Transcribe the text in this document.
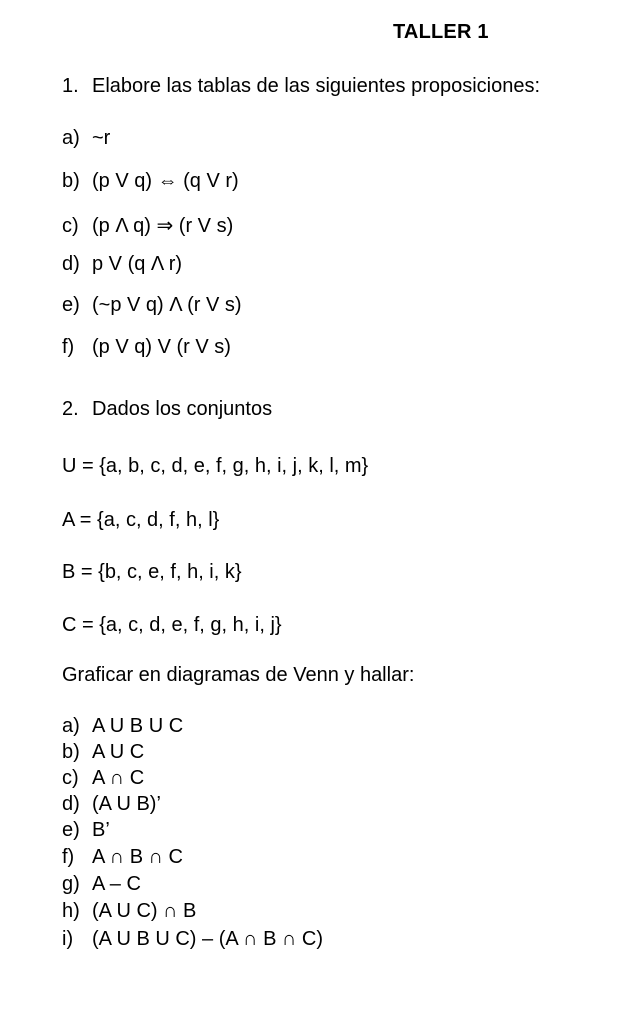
TALLER 1
1. Elabore las tablas de las siguientes proposiciones:
a) ~r
b) (p V q) ⇔ (q V r)
c) (p Λ q) ⇒ (r V s)
d) p V (q Λ r)
e) (~p V q) Λ (r V s)
f) (p V q) V (r V s)
2. Dados los conjuntos
U = {a, b, c, d, e, f, g, h, i, j, k, l, m}
A = {a, c, d, f, h, l}
B = {b, c, e, f, h, i, k}
C = {a, c, d, e, f, g, h, i, j}
Graficar en diagramas de Venn y hallar:
a) A U B U C
b) A U C
c) A ∩ C
d) (A U B)’
e) B’
f) A ∩ B ∩ C
g) A – C
h) (A U C) ∩ B
i) (A U B U C) – (A ∩ B ∩ C)
